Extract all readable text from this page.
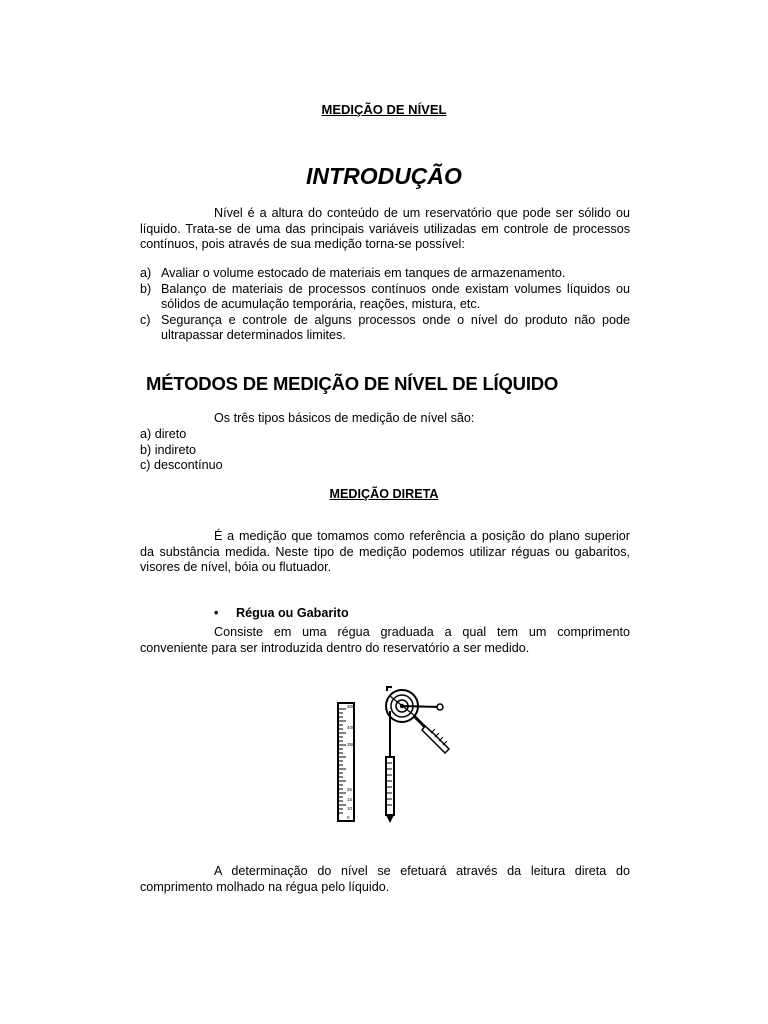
MEDIÇÃO DE NÍVEL
INTRODUÇÃO
Nível é a altura do conteúdo de um reservatório que pode ser sólido ou líquido. Trata-se de uma das principais variáveis utilizadas em controle de processos contínuos, pois através de sua medição torna-se possível:
a) Avaliar o volume estocado de materiais em tanques de armazenamento.
b) Balanço de materiais de processos contínuos onde existam volumes líquidos ou sólidos de acumulação temporária, reações, mistura, etc.
c) Segurança e controle de alguns processos onde o nível do produto não pode ultrapassar determinados limites.
MÉTODOS DE MEDIÇÃO DE NÍVEL DE LÍQUIDO
Os três tipos básicos de medição de nível são:
a) direto
b) indireto
c) descontínuo
MEDIÇÃO DIRETA
É a medição que tomamos como referência a posição do plano superior da substância medida. Neste tipo de medição podemos utilizar réguas ou gabaritos, visores de nível, bóia ou flutuador.
• Régua ou Gabarito
Consiste em uma régua graduada a qual tem um comprimento conveniente para ser introduzida dentro do reservatório a ser medido.
300
400
350
25
15
10
0
A determinação do nível se efetuará através da leitura direta do comprimento molhado na régua pelo líquido.
